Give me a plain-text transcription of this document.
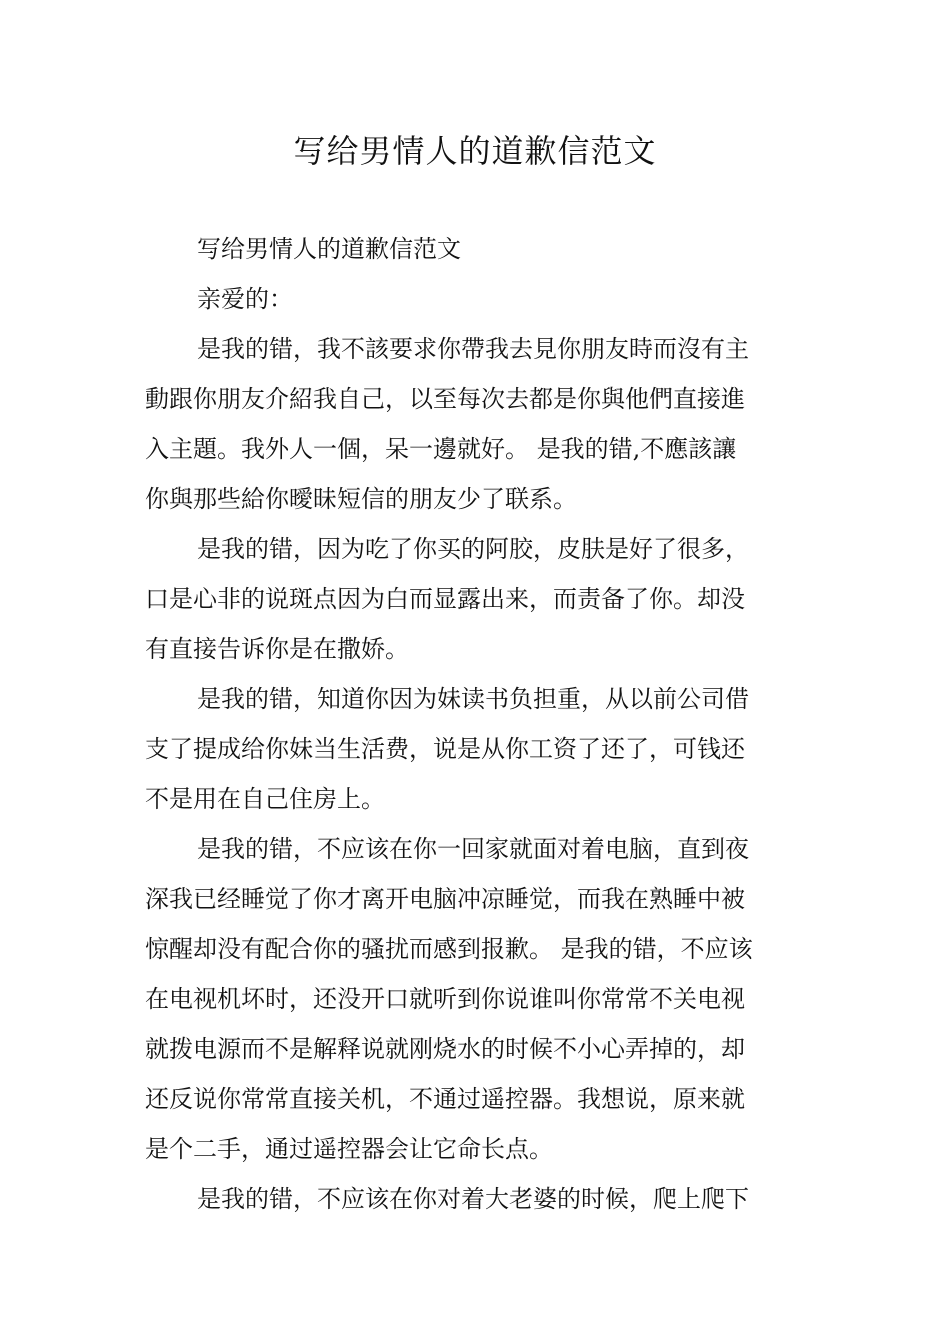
写给男情人的道歉信范文
写给男情人的道歉信范文
亲爱的：
是我的错，我不該要求你帶我去見你朋友時而沒有主
動跟你朋友介紹我自己，以至每次去都是你與他們直接進
入主題。我外人一個，呆一邊就好。 是我的错,不應該讓
你與那些給你曖昧短信的朋友少了联系。
是我的错，因为吃了你买的阿胶，皮肤是好了很多，
口是心非的说斑点因为白而显露出来，而责备了你。却没
有直接告诉你是在撒娇。
是我的错，知道你因为妹读书负担重，从以前公司借
支了提成给你妹当生活费，说是从你工资了还了，可钱还
不是用在自己住房上。
是我的错，不应该在你一回家就面对着电脑，直到夜
深我已经睡觉了你才离开电脑冲凉睡觉，而我在熟睡中被
惊醒却没有配合你的骚扰而感到报歉。 是我的错，不应该
在电视机坏时，还没开口就听到你说谁叫你常常不关电视
就拨电源而不是解释说就刚烧水的时候不小心弄掉的，却
还反说你常常直接关机，不通过遥控器。我想说，原来就
是个二手，通过遥控器会让它命长点。
是我的错，不应该在你对着大老婆的时候，爬上爬下
